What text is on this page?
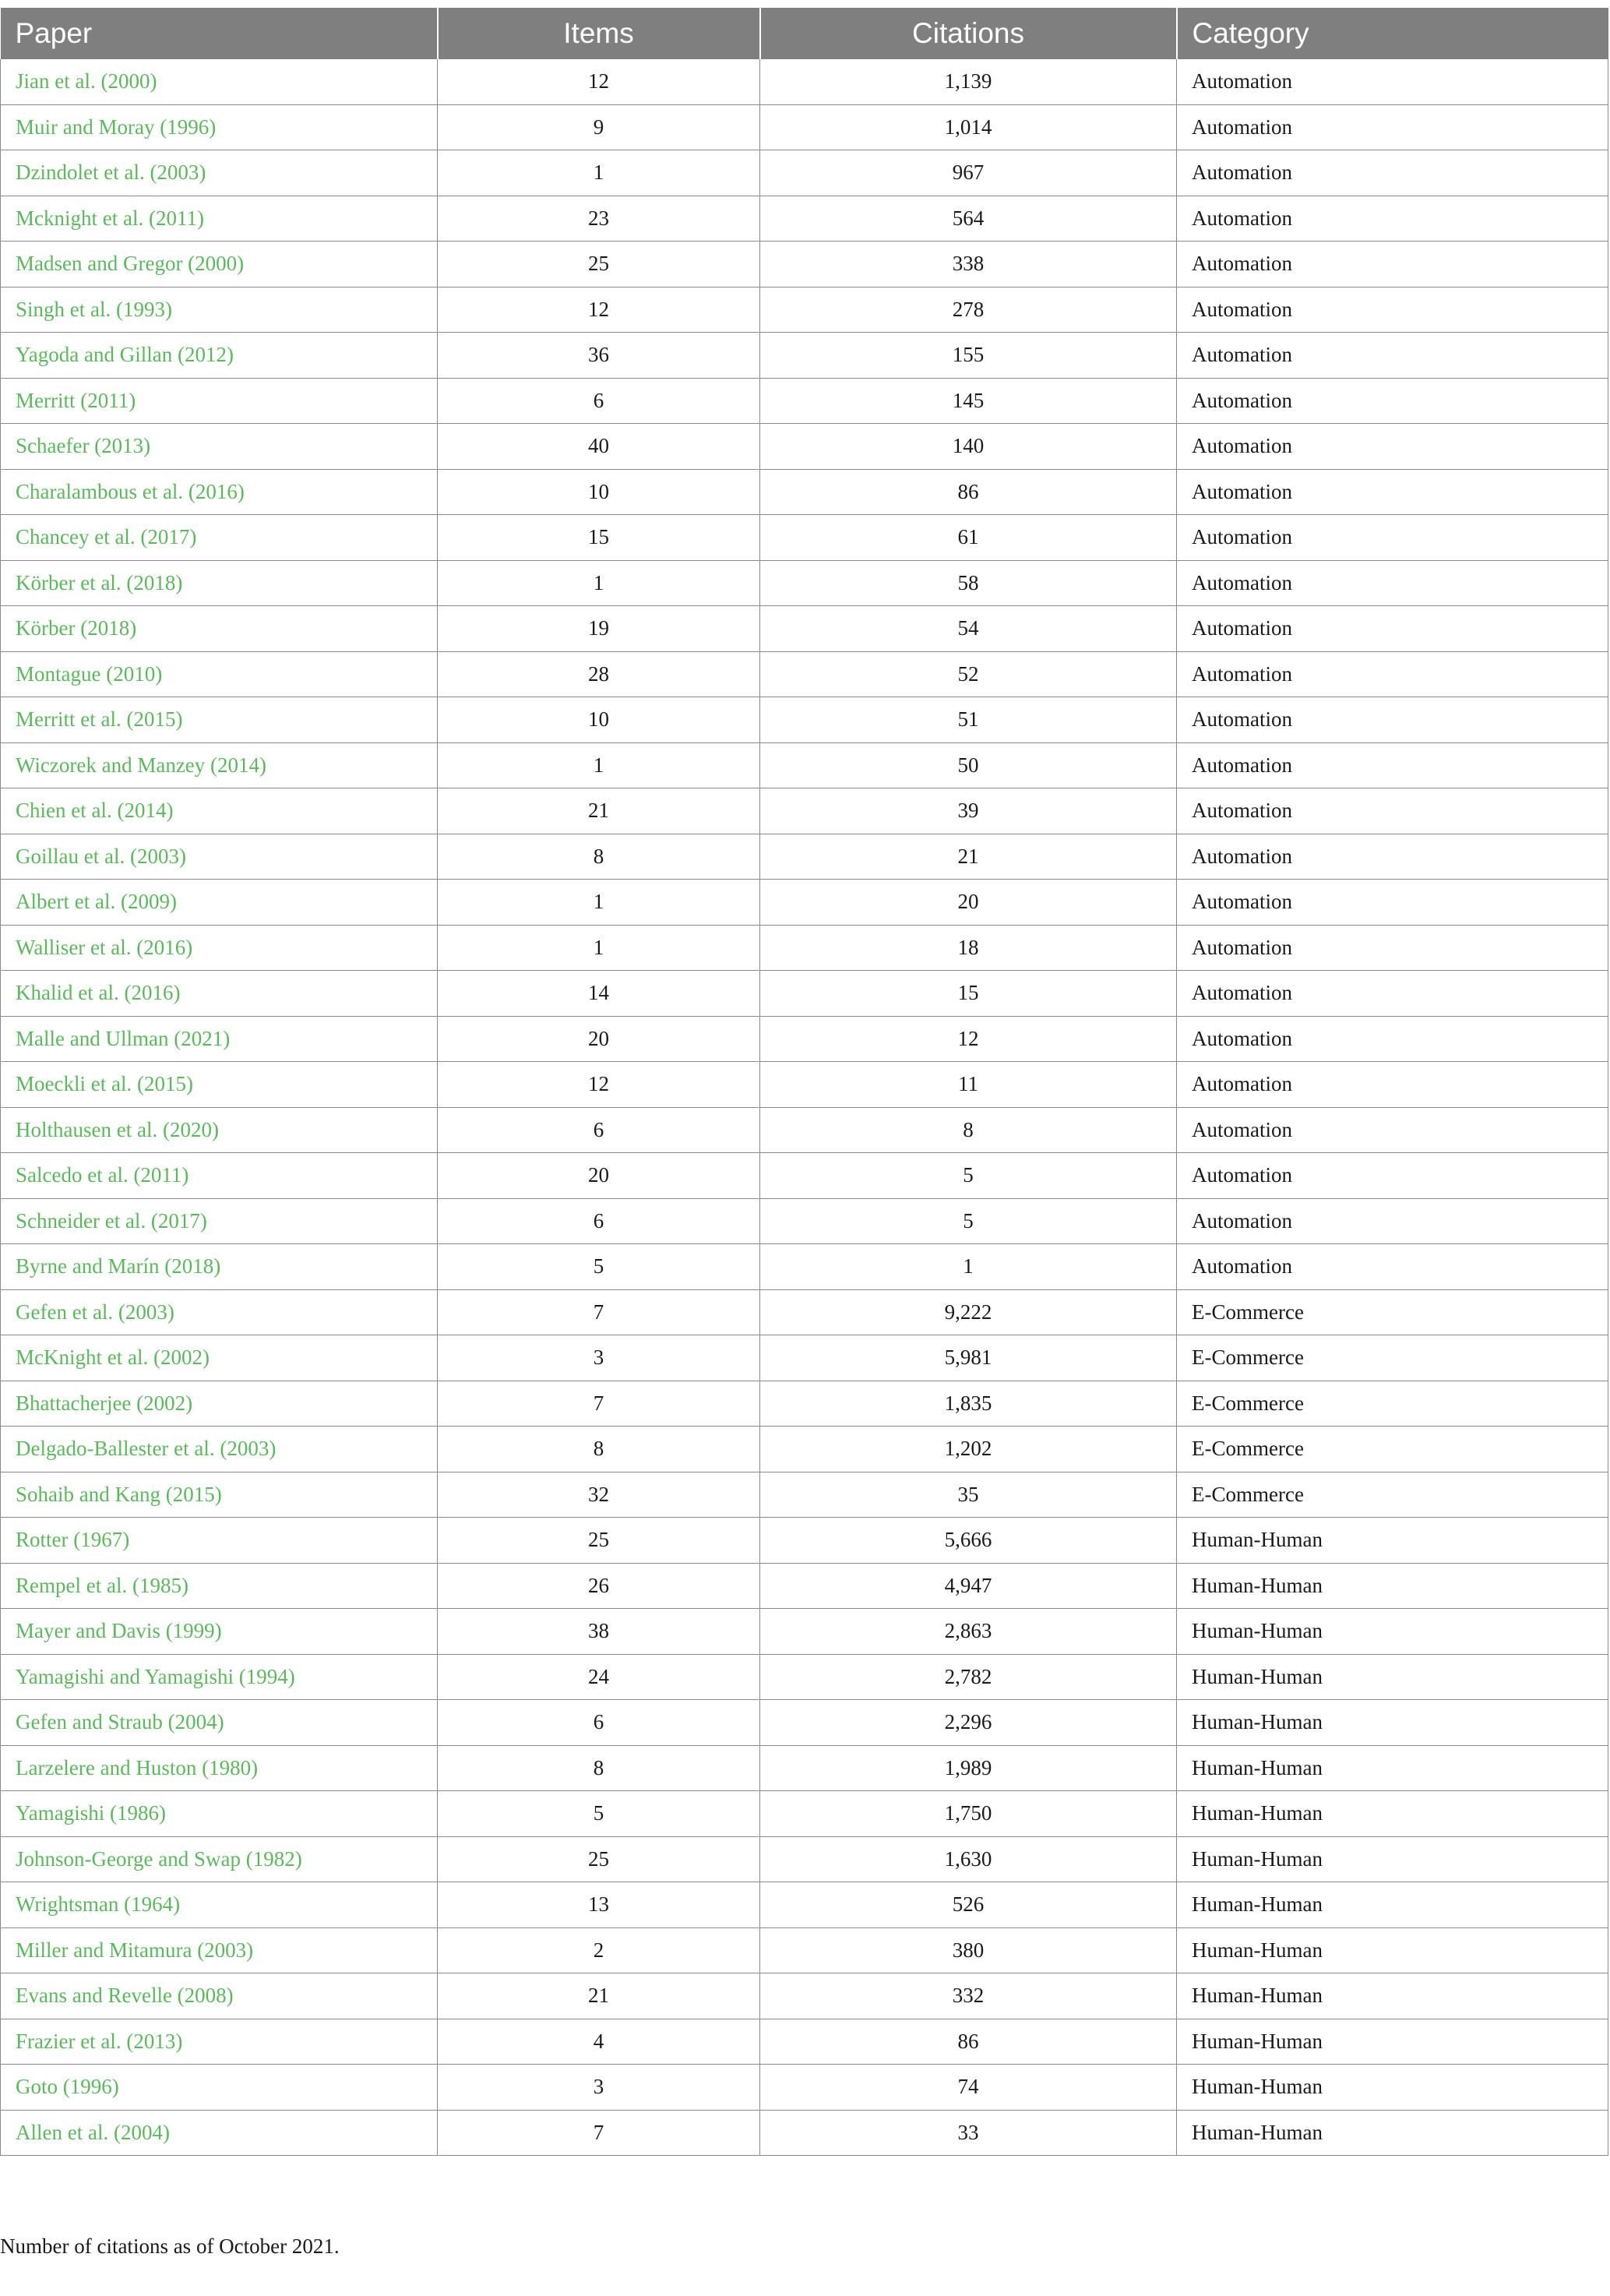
Paper	Items	Citations	Category
Jian et al. (2000)	12	1,139	Automation
Muir and Moray (1996)	9	1,014	Automation
Dzindolet et al. (2003)	1	967	Automation
Mcknight et al. (2011)	23	564	Automation
Madsen and Gregor (2000)	25	338	Automation
Singh et al. (1993)	12	278	Automation
Yagoda and Gillan (2012)	36	155	Automation
Merritt (2011)	6	145	Automation
Schaefer (2013)	40	140	Automation
Charalambous et al. (2016)	10	86	Automation
Chancey et al. (2017)	15	61	Automation
Körber et al. (2018)	1	58	Automation
Körber (2018)	19	54	Automation
Montague (2010)	28	52	Automation
Merritt et al. (2015)	10	51	Automation
Wiczorek and Manzey (2014)	1	50	Automation
Chien et al. (2014)	21	39	Automation
Goillau et al. (2003)	8	21	Automation
Albert et al. (2009)	1	20	Automation
Walliser et al. (2016)	1	18	Automation
Khalid et al. (2016)	14	15	Automation
Malle and Ullman (2021)	20	12	Automation
Moeckli et al. (2015)	12	11	Automation
Holthausen et al. (2020)	6	8	Automation
Salcedo et al. (2011)	20	5	Automation
Schneider et al. (2017)	6	5	Automation
Byrne and Marín (2018)	5	1	Automation
Gefen et al. (2003)	7	9,222	E-Commerce
McKnight et al. (2002)	3	5,981	E-Commerce
Bhattacherjee (2002)	7	1,835	E-Commerce
Delgado-Ballester et al. (2003)	8	1,202	E-Commerce
Sohaib and Kang (2015)	32	35	E-Commerce
Rotter (1967)	25	5,666	Human-Human
Rempel et al. (1985)	26	4,947	Human-Human
Mayer and Davis (1999)	38	2,863	Human-Human
Yamagishi and Yamagishi (1994)	24	2,782	Human-Human
Gefen and Straub (2004)	6	2,296	Human-Human
Larzelere and Huston (1980)	8	1,989	Human-Human
Yamagishi (1986)	5	1,750	Human-Human
Johnson-George and Swap (1982)	25	1,630	Human-Human
Wrightsman (1964)	13	526	Human-Human
Miller and Mitamura (2003)	2	380	Human-Human
Evans and Revelle (2008)	21	332	Human-Human
Frazier et al. (2013)	4	86	Human-Human
Goto (1996)	3	74	Human-Human
Allen et al. (2004)	7	33	Human-Human
Number of citations as of October 2021.
